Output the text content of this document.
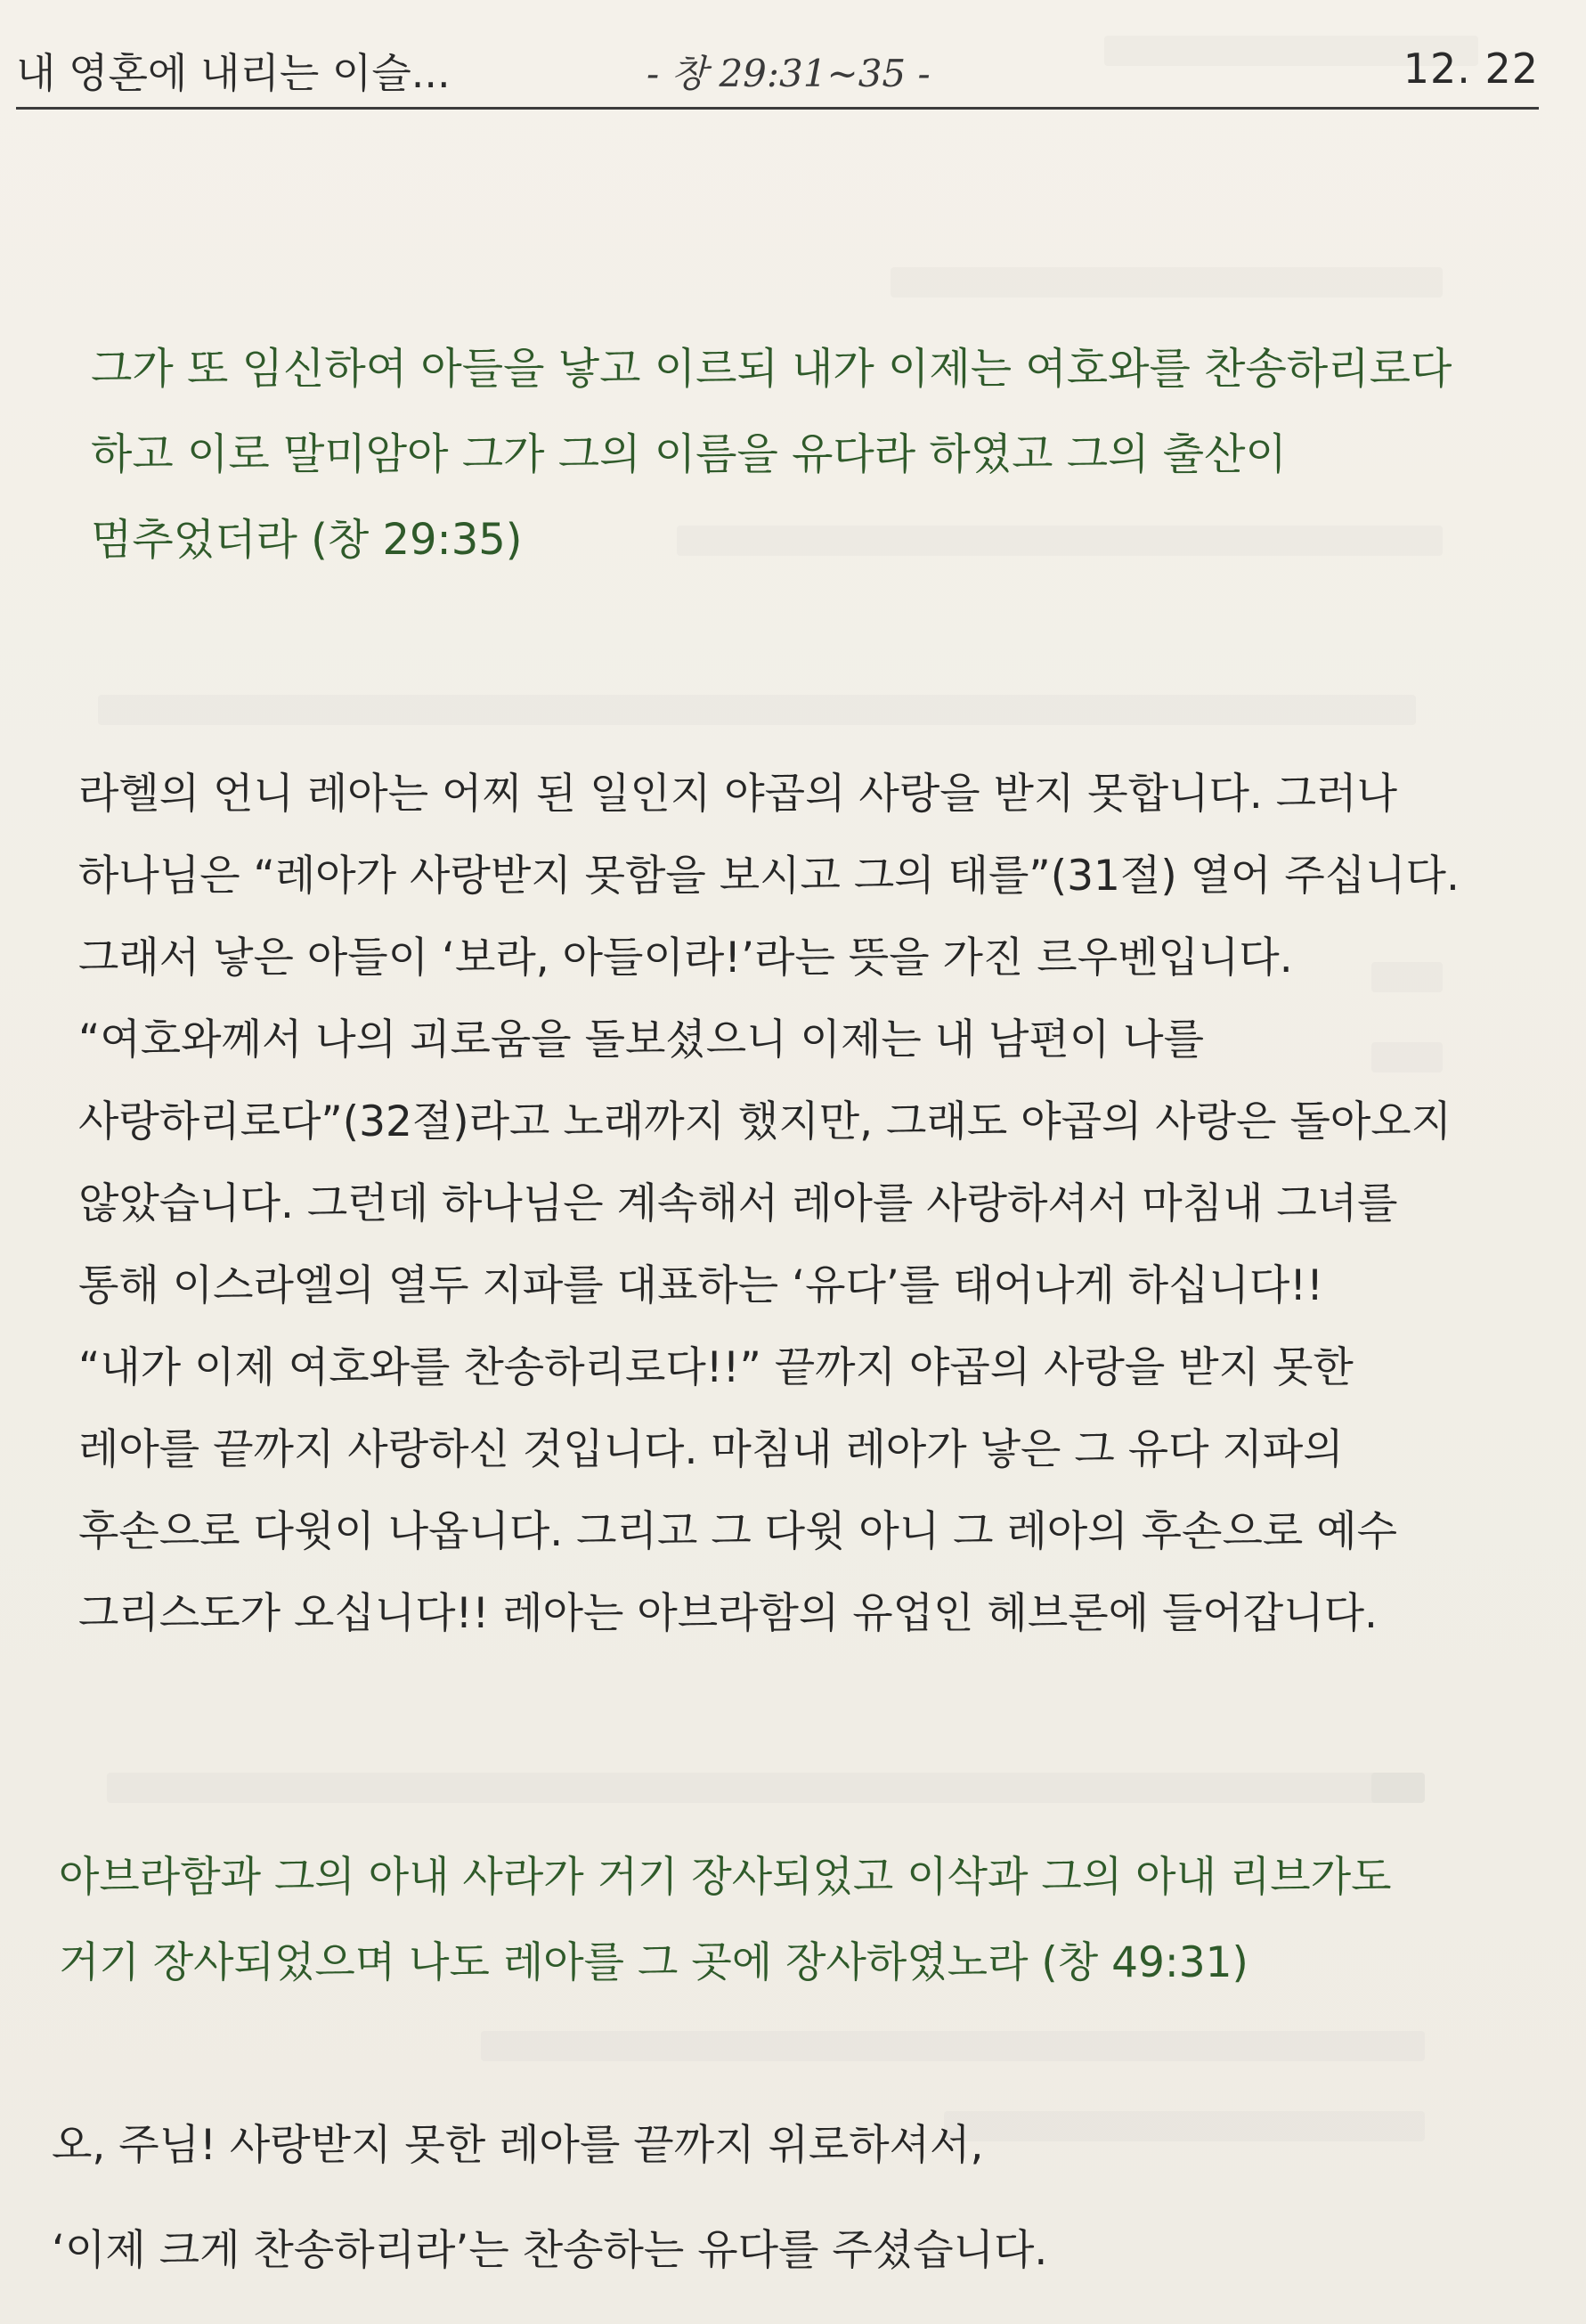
내 영혼에 내리는 이슬...	- 창 29:31~35 -	12. 22
그가 또 임신하여 아들을 낳고 이르되 내가 이제는 여호와를 찬송하리로다
하고 이로 말미암아 그가 그의 이름을 유다라 하였고 그의 출산이
멈추었더라 (창 29:35)
라헬의 언니 레아는 어찌 된 일인지 야곱의 사랑을 받지 못합니다. 그러나
하나님은 “레아가 사랑받지 못함을 보시고 그의 태를”(31절) 열어 주십니다.
그래서 낳은 아들이 ‘보라, 아들이라!’라는 뜻을 가진 르우벤입니다.
“여호와께서 나의 괴로움을 돌보셨으니 이제는 내 남편이 나를
사랑하리로다”(32절)라고 노래까지 했지만, 그래도 야곱의 사랑은 돌아오지
않았습니다. 그런데 하나님은 계속해서 레아를 사랑하셔서 마침내 그녀를
통해 이스라엘의 열두 지파를 대표하는 ‘유다’를 태어나게 하십니다!!
“내가 이제 여호와를 찬송하리로다!!” 끝까지 야곱의 사랑을 받지 못한
레아를 끝까지 사랑하신 것입니다. 마침내 레아가 낳은 그 유다 지파의
후손으로 다윗이 나옵니다. 그리고 그 다윗 아니 그 레아의 후손으로 예수
그리스도가 오십니다!! 레아는 아브라함의 유업인 헤브론에 들어갑니다.
아브라함과 그의 아내 사라가 거기 장사되었고 이삭과 그의 아내 리브가도
거기 장사되었으며 나도 레아를 그 곳에 장사하였노라 (창 49:31)
오, 주님! 사랑받지 못한 레아를 끝까지 위로하셔서,
‘이제 크게 찬송하리라’는 찬송하는 유다를 주셨습니다.
